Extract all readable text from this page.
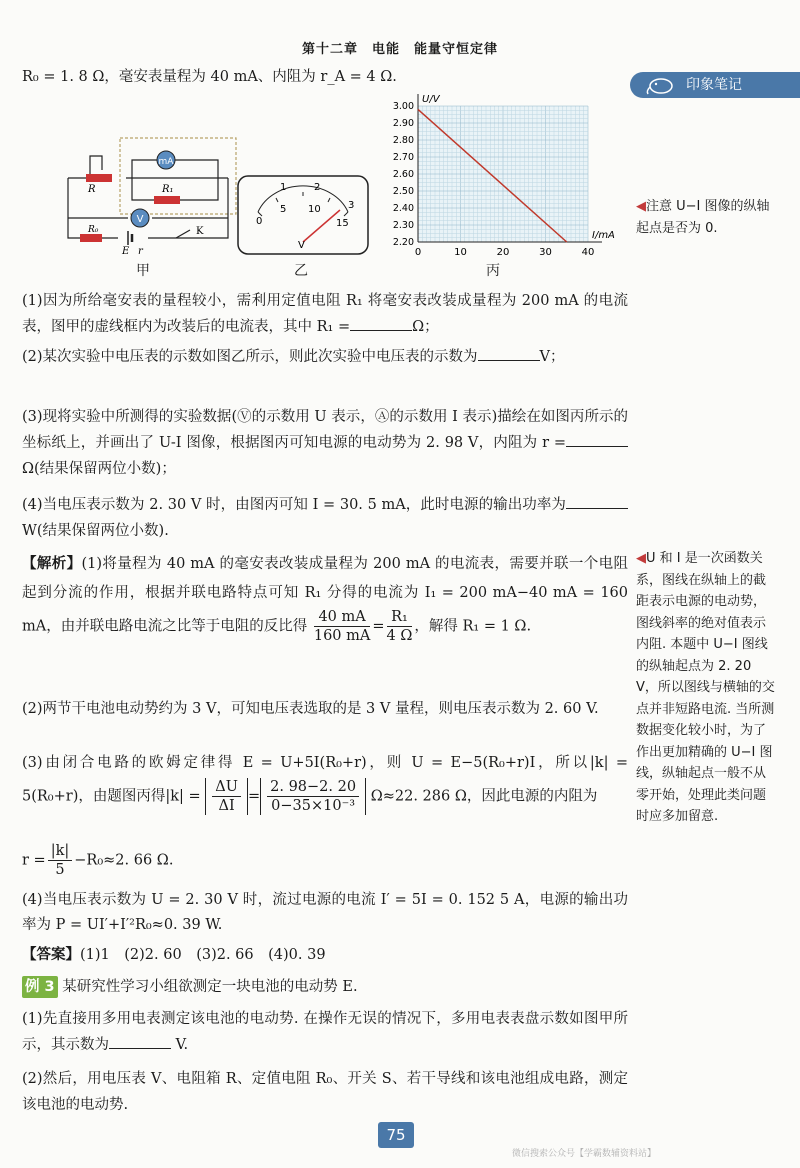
第十二章　电能　能量守恒定律
印象笔记
R₀ = 1. 8 Ω，毫安表量程为 40 mA、内阻为 r_A = 4 Ω.
mA
V
R	R₁
R₀
E r
K
甲
1	2
3
0
5 10
15
V
乙
0	10	20	30	40
2.20
2.30
2.40
2.50
2.60
2.70
2.80
2.90
3.00
I/mA
U/V
丙
(1)因为所给毫安表的量程较小，需利用定值电阻 R₁ 将毫安表改装成量程为 200 mA 的电流表，图甲的虚线框内为改装后的电流表，其中 R₁ =	Ω；
(2)某次实验中电压表的示数如图乙所示，则此次实验中电压表的示数为	V；
(3)现将实验中所测得的实验数据(Ⓥ的示数用 U 表示，Ⓐ的示数用 I 表示)描绘在如图丙所示的坐标纸上，并画出了 U-I 图像，根据图丙可知电源的电动势为 2. 98 V，内阻为 r =Ω(结果保留两位小数)；
(4)当电压表示数为 2. 30 V 时，由图丙可知 I = 30. 5 mA，此时电源的输出功率为W(结果保留两位小数).
【解析】(1)将量程为 40 mA 的毫安表改装成量程为 200 mA 的电流表，需要并联一个电阻起到分流的作用，根据并联电路特点可知 R₁ 分得的电流为 I₁ = 200 mA−40 mA = 160 mA，由并联电路电流之比等于电阻的反比得 $\frac{40 mA}{160 mA} = \frac{\text{R₁}}{4 \Omega}$ ，解得 R₁ = 1 Ω.
(2)两节干电池电动势约为 3 V，可知电压表选取的是 3 V 量程，则电压表示数为 2. 60 V.
(3)由闭合电路的欧姆定律得 E = U+5I(R₀+r)，则 U = E−5(R₀+r)I，所以|k| = 5(R₀+r)，由题图丙得$|k| = \frac{\Delta U}{\Delta I} = \frac{2. 98-2. 20}{\text{0−35×10⁻³}} \Omega\approx 22$. 286 Ω，因此电源的内阻为
$r = \frac{|k|}{5} -R_0\approx 2$. 66 Ω.
(4)当电压表示数为 U = 2. 30 V 时，流过电源的电流 I′ = 5I = 0. 152 5 A，电源的输出功率为 P = UI′+I′²R₀≈0. 39 W.
【答案】(1)1　(2)2. 60　(3)2. 66　(4)0. 39
例 3 某研究性学习小组欲测定一块电池的电动势 E.
(1)先直接用多用电表测定该电池的电动势. 在操作无误的情况下，多用电表表盘示数如图甲所示，其示数为	V.
(2)然后，用电压表 V、电阻箱 R、定值电阻 R₀、开关 S、若干导线和该电池组成电路，测定该电池的电动势.
◀注意 U−I 图像的纵轴起点是否为 0.
◀U 和 I 是一次函数关系，图线在纵轴上的截距表示电源的电动势，图线斜率的绝对值表示内阻. 本题中 U−I 图线的纵轴起点为 2. 20 V，所以图线与横轴的交点并非短路电流. 当所测数据变化较小时，为了作出更加精确的 U−I 图线，纵轴起点一般不从零开始，处理此类问题时应多加留意.
75
微信搜索公众号【学霸数辅资料站】
